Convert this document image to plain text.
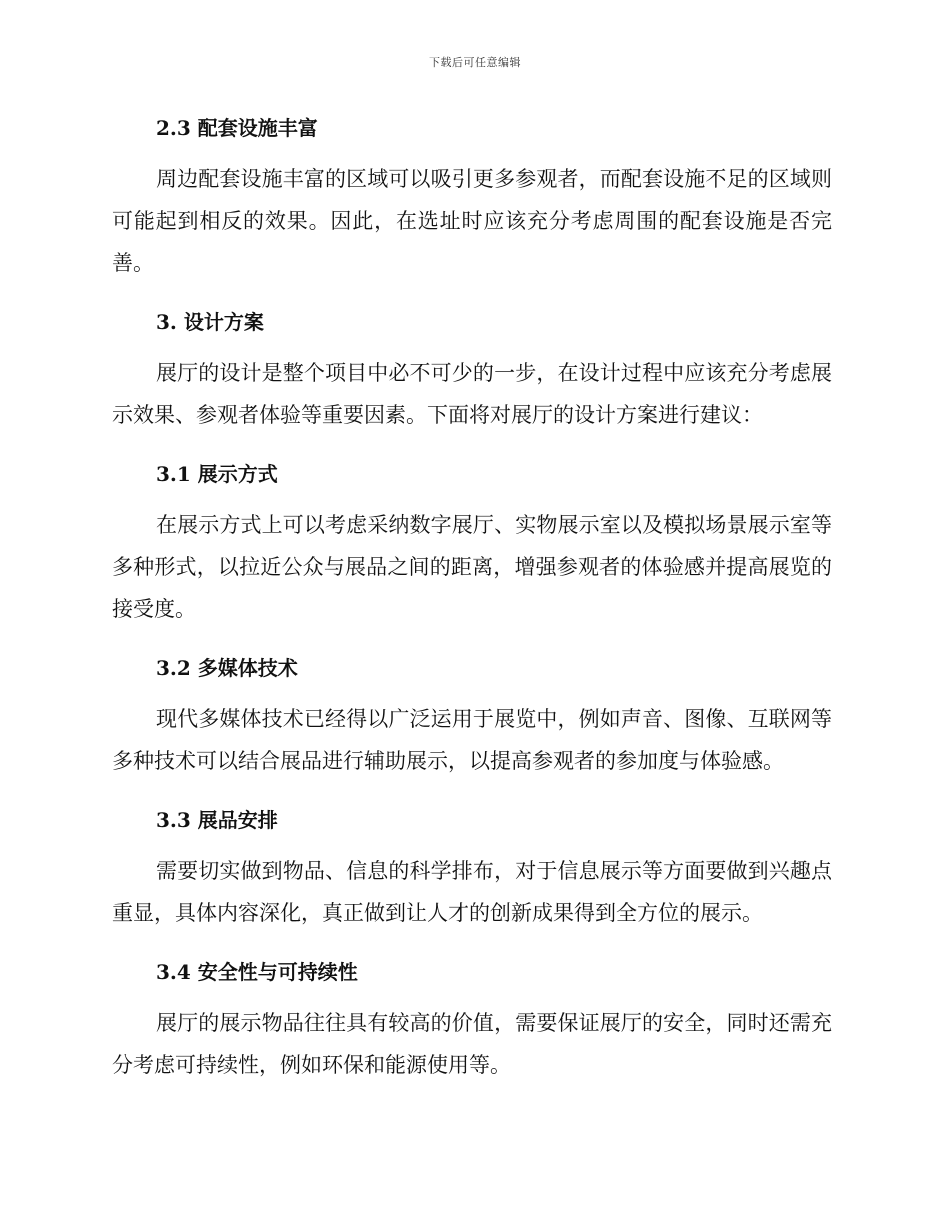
下载后可任意编辑
2.3 配套设施丰富

周边配套设施丰富的区域可以吸引更多参观者，而配套设施不足的区域则可能起到相反的效果。因此，在选址时应该充分考虑周围的配套设施是否完善。

3. 设计方案

展厅的设计是整个项目中必不可少的一步，在设计过程中应该充分考虑展示效果、参观者体验等重要因素。下面将对展厅的设计方案进行建议：

3.1 展示方式

在展示方式上可以考虑采纳数字展厅、实物展示室以及模拟场景展示室等多种形式，以拉近公众与展品之间的距离，增强参观者的体验感并提高展览的接受度。

3.2 多媒体技术

现代多媒体技术已经得以广泛运用于展览中，例如声音、图像、互联网等多种技术可以结合展品进行辅助展示，以提高参观者的参加度与体验感。

3.3 展品安排

需要切实做到物品、信息的科学排布，对于信息展示等方面要做到兴趣点重显，具体内容深化，真正做到让人才的创新成果得到全方位的展示。

3.4 安全性与可持续性

展厅的展示物品往往具有较高的价值，需要保证展厅的安全，同时还需充分考虑可持续性，例如环保和能源使用等。
